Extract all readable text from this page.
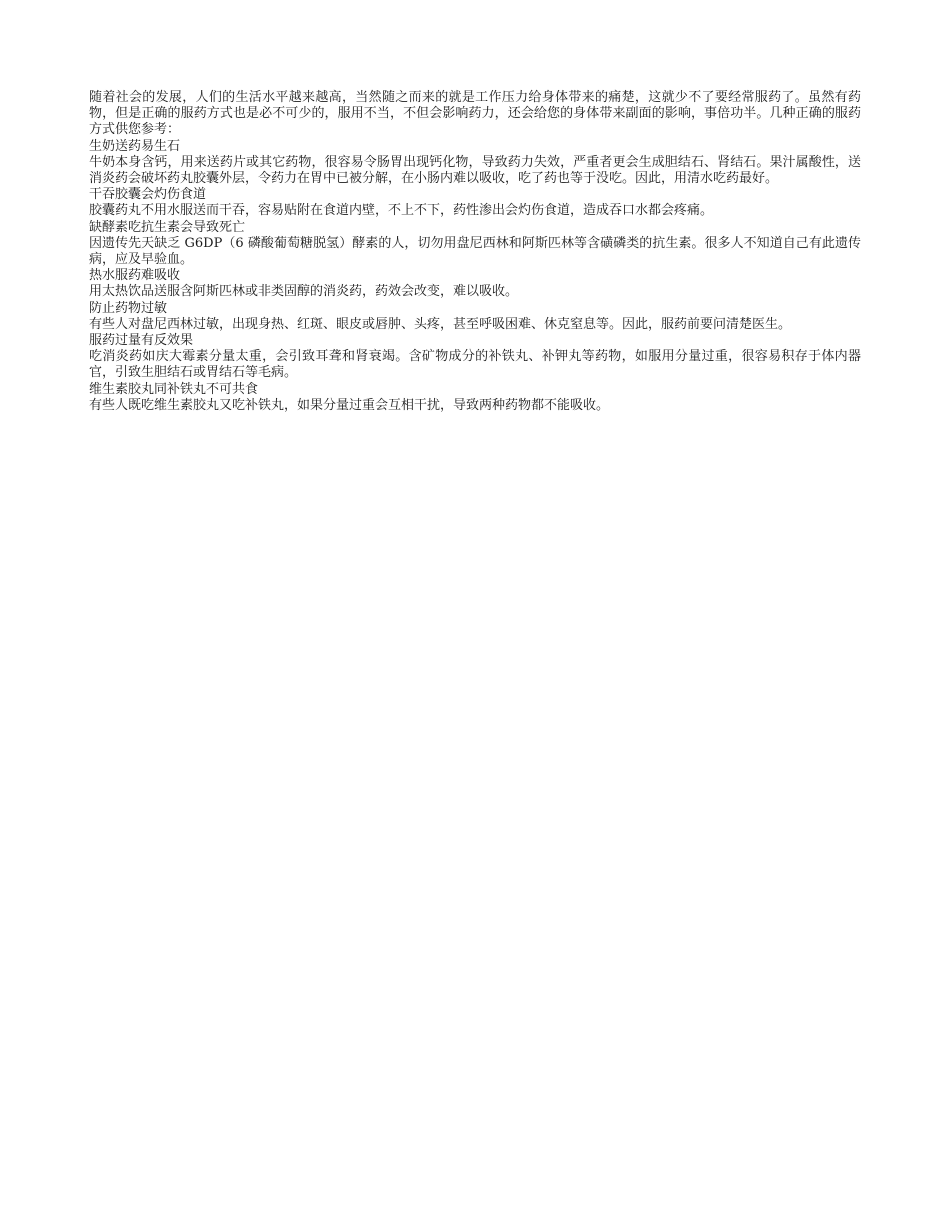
随着社会的发展，人们的生活水平越来越高，当然随之而来的就是工作压力给身体带来的痛楚，这就少不了要经常服药了。虽然有药物，但是正确的服药方式也是必不可少的，服用不当，不但会影响药力，还会给您的身体带来副面的影响，事倍功半。几种正确的服药方式供您参考：

生奶送药易生石

牛奶本身含钙，用来送药片或其它药物，很容易令肠胃出现钙化物，导致药力失效，严重者更会生成胆结石、肾结石。果汁属酸性，送消炎药会破坏药丸胶囊外层，令药力在胃中已被分解，在小肠内难以吸收，吃了药也等于没吃。因此，用清水吃药最好。

干吞胶囊会灼伤食道

胶囊药丸不用水服送而干吞，容易贴附在食道内壁，不上不下，药性渗出会灼伤食道，造成吞口水都会疼痛。

缺酵素吃抗生素会导致死亡

因遗传先天缺乏 G6DP（6 磷酸葡萄糖脱氢）酵素的人，切勿用盘尼西林和阿斯匹林等含磺磷类的抗生素。很多人不知道自己有此遗传病，应及早验血。

热水服药难吸收

用太热饮品送服含阿斯匹林或非类固醇的消炎药，药效会改变，难以吸收。

防止药物过敏

有些人对盘尼西林过敏，出现身热、红斑、眼皮或唇肿、头疼，甚至呼吸困难、休克窒息等。因此，服药前要问清楚医生。

服药过量有反效果

吃消炎药如庆大霉素分量太重，会引致耳聋和肾衰竭。含矿物成分的补铁丸、补钾丸等药物，如服用分量过重，很容易积存于体内器官，引致生胆结石或胃结石等毛病。

维生素胶丸同补铁丸不可共食

有些人既吃维生素胶丸又吃补铁丸，如果分量过重会互相干扰，导致两种药物都不能吸收。
